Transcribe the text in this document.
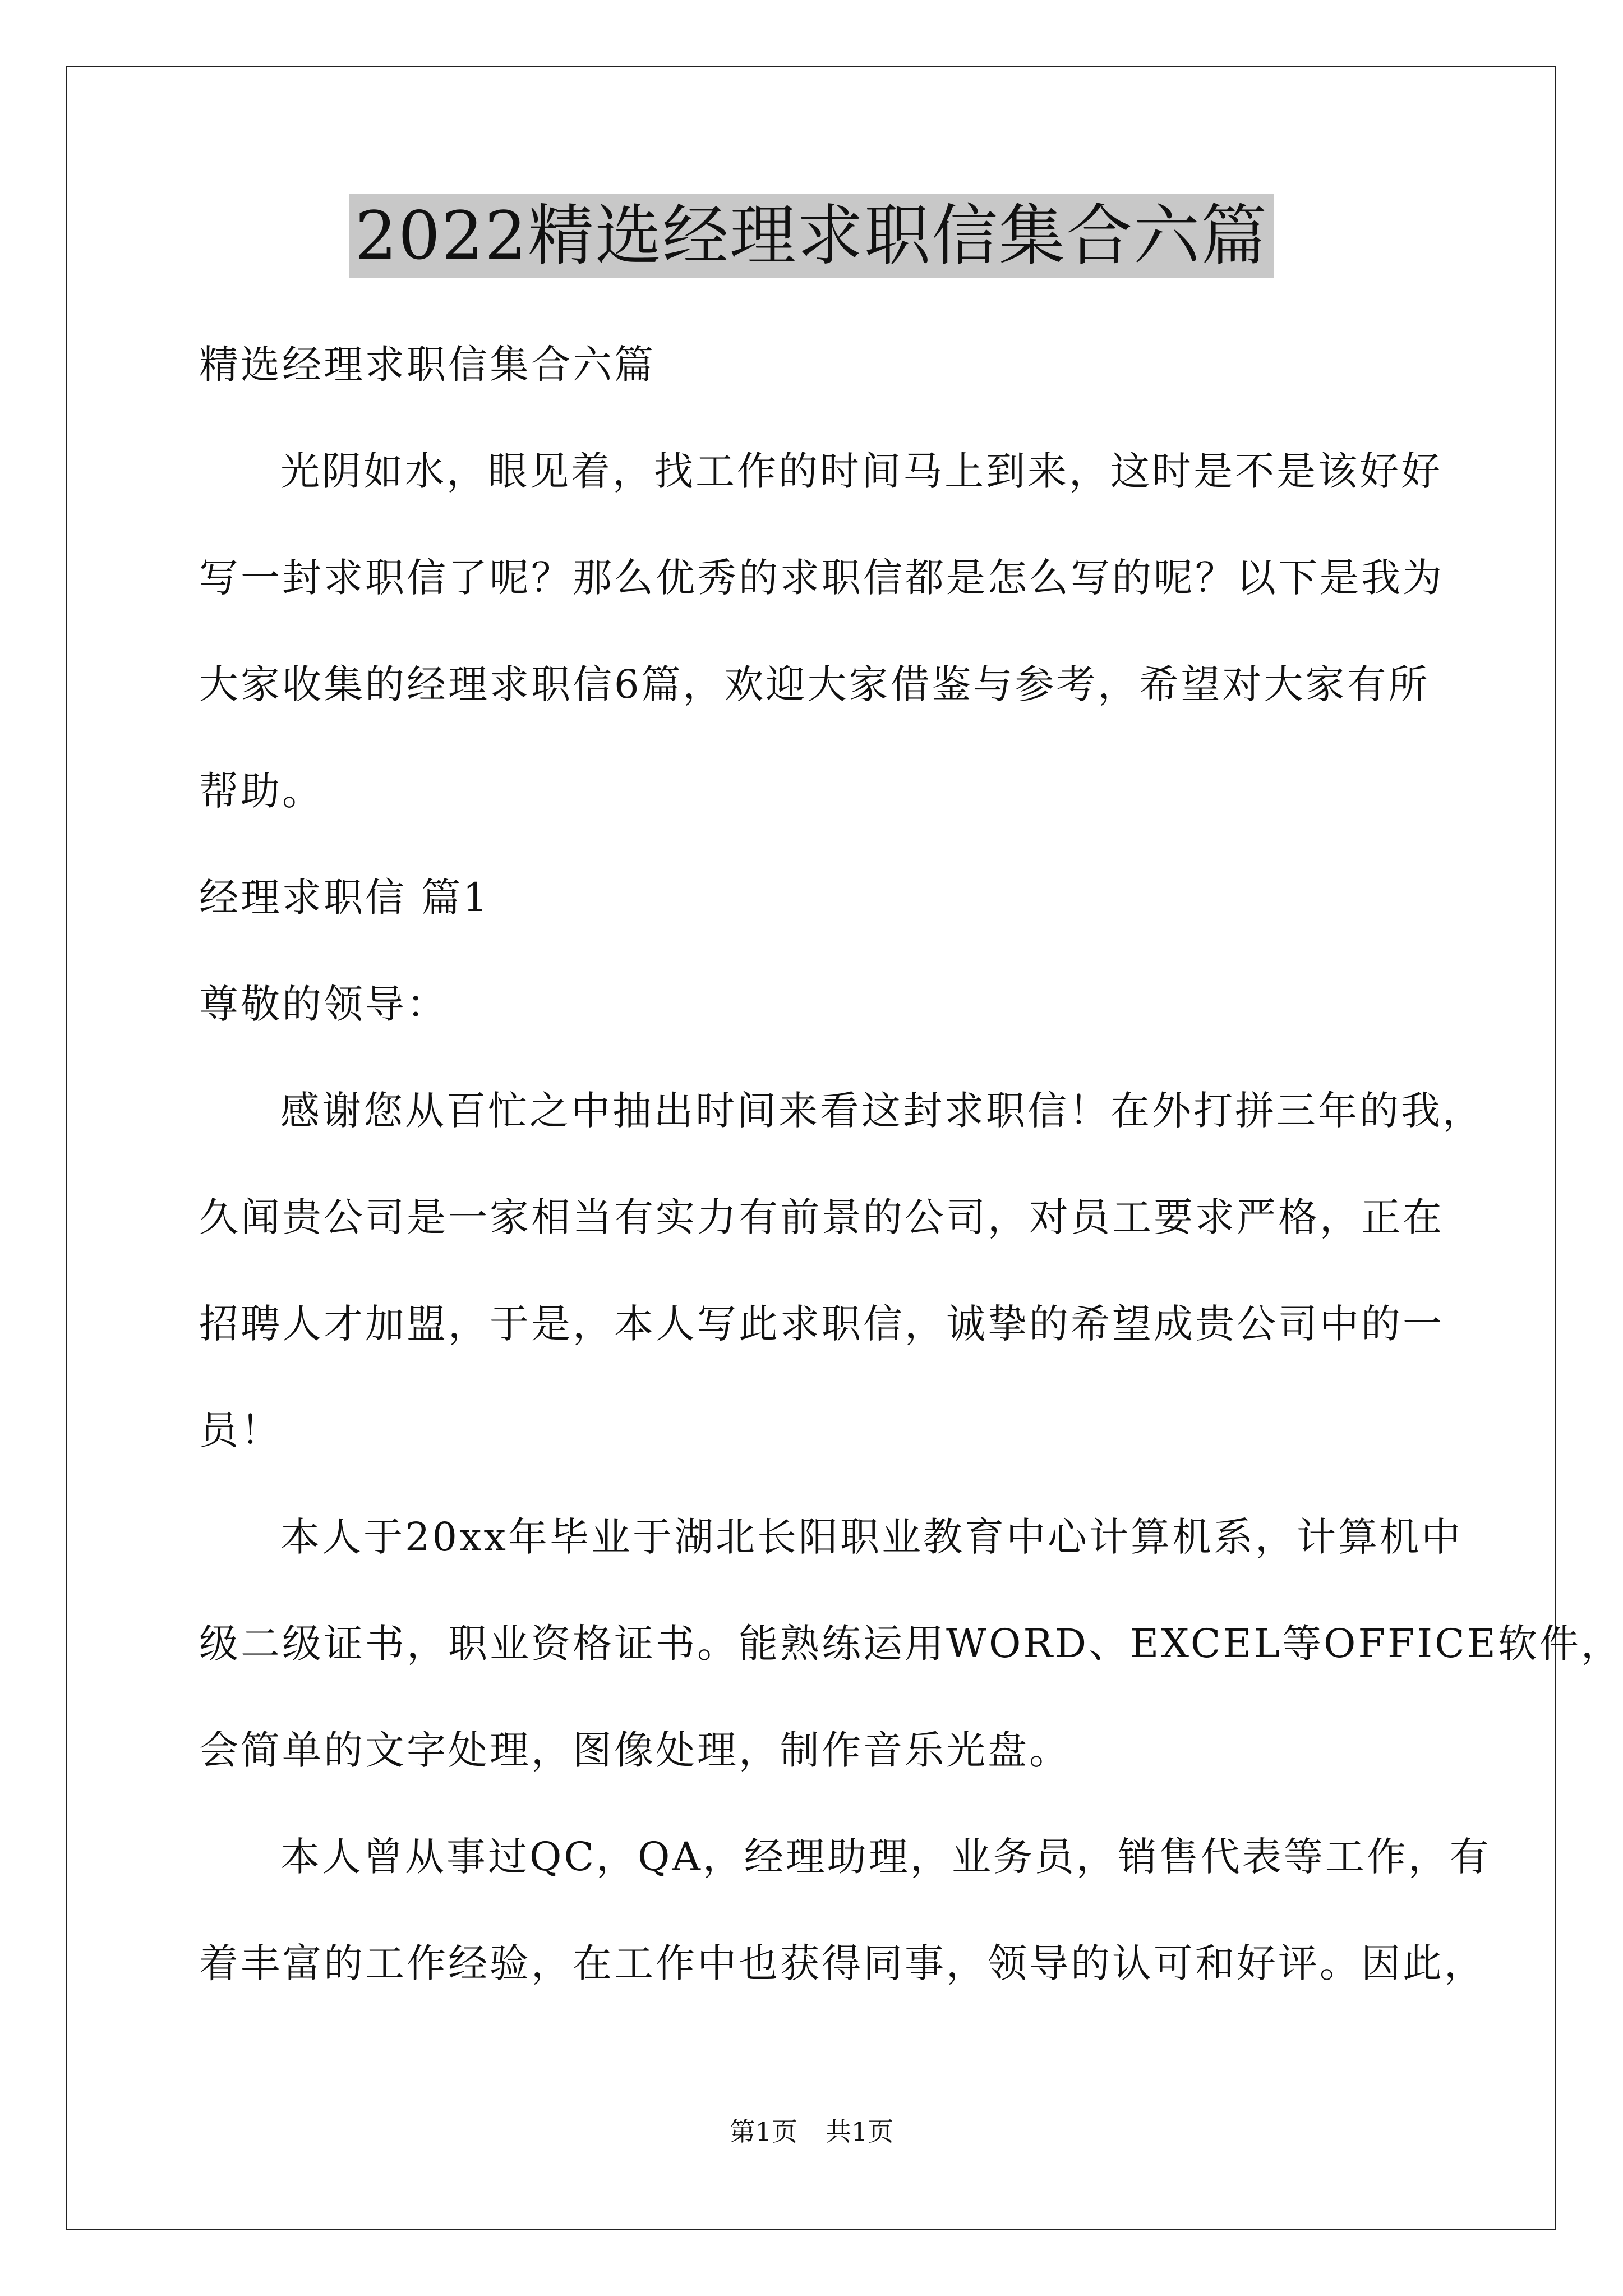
2022精选经理求职信集合六篇
精选经理求职信集合六篇
光阴如水，眼见着，找工作的时间马上到来，这时是不是该好好
写一封求职信了呢？那么优秀的求职信都是怎么写的呢？以下是我为
大家收集的经理求职信6篇，欢迎大家借鉴与参考，希望对大家有所
帮助。
经理求职信 篇1
尊敬的领导：
感谢您从百忙之中抽出时间来看这封求职信！在外打拼三年的我，
久闻贵公司是一家相当有实力有前景的公司，对员工要求严格，正在
招聘人才加盟，于是，本人写此求职信，诚挚的希望成贵公司中的一
员！
本人于20xx年毕业于湖北长阳职业教育中心计算机系，计算机中
级二级证书，职业资格证书。能熟练运用WORD、EXCEL等OFFICE软件，
会简单的文字处理，图像处理，制作音乐光盘。
本人曾从事过QC，QA，经理助理，业务员，销售代表等工作，有
着丰富的工作经验，在工作中也获得同事，领导的认可和好评。因此，
第1页 共1页
